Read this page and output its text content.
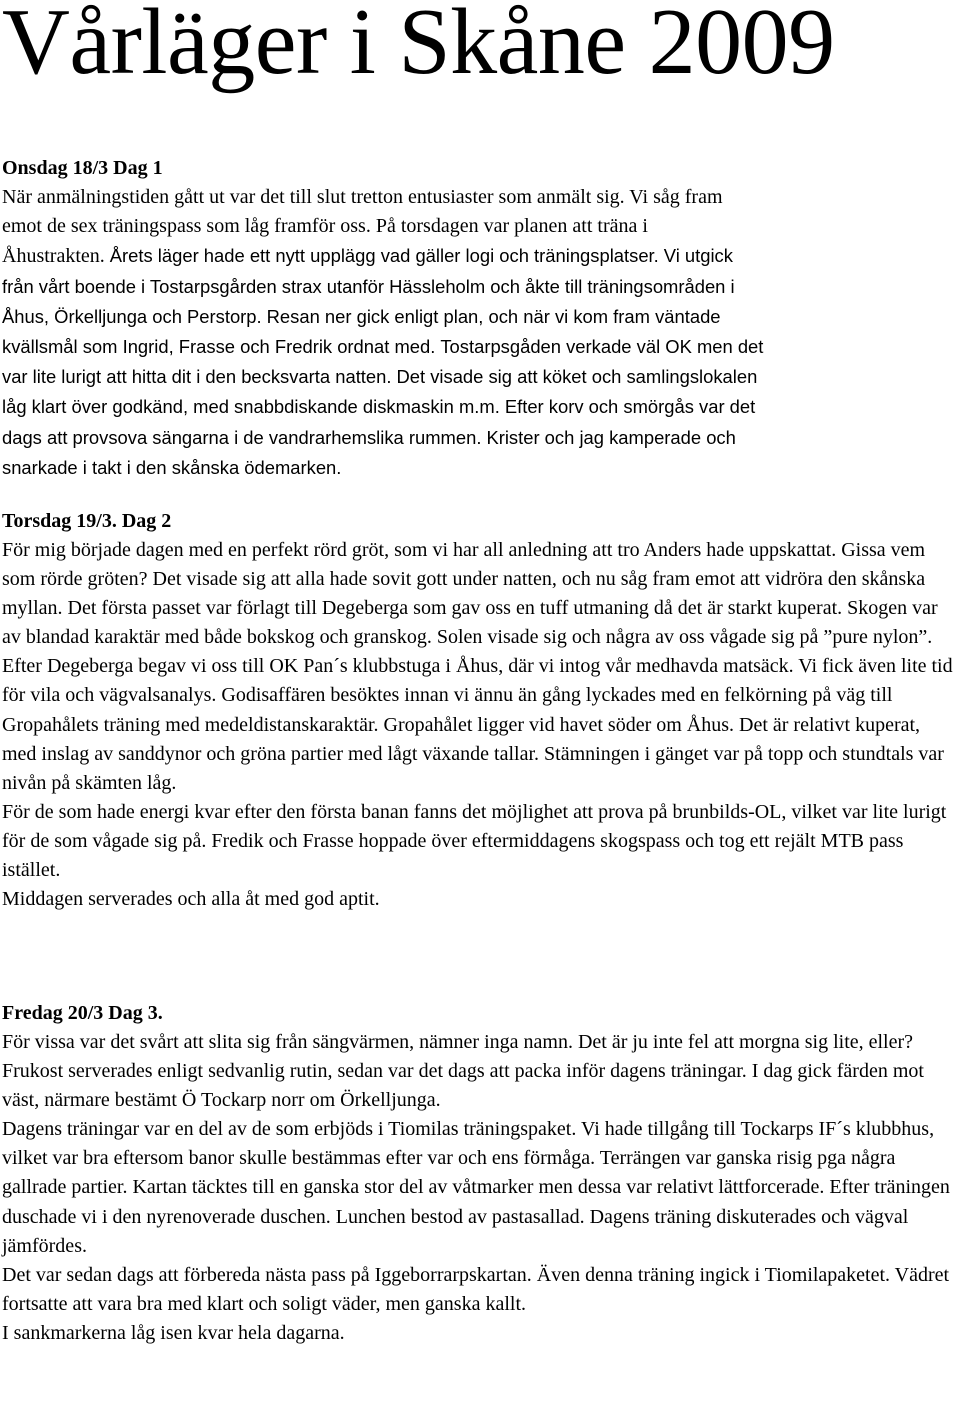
Vårläger i Skåne 2009
Onsdag 18/3 Dag 1
När anmälningstiden gått ut var det till slut tretton entusiaster som anmält sig. Vi såg fram
emot de sex träningspass som låg framför oss. På torsdagen var planen att träna i
Åhustrakten. Årets läger hade ett nytt upplägg vad gäller logi och träningsplatser. Vi utgick
från vårt boende i Tostarpsgården strax utanför Hässleholm och åkte till träningsområden i
Åhus, Örkelljunga och Perstorp. Resan ner gick enligt plan, och när vi kom fram väntade
kvällsmål som Ingrid, Frasse och Fredrik ordnat med. Tostarpsgåden verkade väl OK men det
var lite lurigt att hitta dit i den becksvarta natten. Det visade sig att köket och samlingslokalen
låg klart över godkänd, med snabbdiskande diskmaskin m.m. Efter korv och smörgås var det
dags att provsova sängarna i de vandrarhemslika rummen. Krister och jag kamperade och
snarkade i takt i den skånska ödemarken.
Torsdag 19/3. Dag 2

För mig började dagen med en perfekt rörd gröt, som vi har all anledning att tro Anders hade uppskattat. Gissa vem som rörde gröten? Det visade sig att alla hade sovit gott under natten, och nu såg fram emot att vidröra den skånska myllan. Det första passet var förlagt till Degeberga som gav oss en tuff utmaning då det är starkt kuperat. Skogen var av blandad karaktär med både bokskog och granskog. Solen visade sig och några av oss vågade sig på ”pure nylon”. Efter Degeberga begav vi oss till OK Pan´s klubbstuga i Åhus, där vi intog vår medhavda matsäck. Vi fick även lite tid för vila och vägvalsanalys. Godisaffären besöktes innan vi ännu än gång lyckades med en felkörning på väg till Gropahålets träning med medeldistanskaraktär. Gropahålet ligger vid havet söder om Åhus. Det är relativt kuperat, med inslag av sanddynor och gröna partier med lågt växande tallar. Stämningen i gänget var på topp och stundtals var nivån på skämten låg.

För de som hade energi kvar efter den första banan fanns det möjlighet att prova på brunbilds-OL, vilket var lite lurigt för de som vågade sig på. Fredik och Frasse hoppade över eftermiddagens skogspass och tog ett rejält MTB pass istället.

Middagen serverades och alla åt med god aptit.

Fredag 20/3 Dag 3.

För vissa var det svårt att slita sig från sängvärmen, nämner inga namn. Det är ju inte fel att morgna sig lite, eller? Frukost serverades enligt sedvanlig rutin, sedan var det dags att packa inför dagens träningar. I dag gick färden mot väst, närmare bestämt Ö Tockarp norr om Örkelljunga.

Dagens träningar var en del av de som erbjöds i Tiomilas träningspaket. Vi hade tillgång till Tockarps IF´s klubbhus, vilket var bra eftersom banor skulle bestämmas efter var och ens förmåga. Terrängen var ganska risig pga några gallrade partier. Kartan täcktes till en ganska stor del av våtmarker men dessa var relativt lättforcerade. Efter träningen duschade vi i den nyrenoverade duschen. Lunchen bestod av pastasallad. Dagens träning diskuterades och vägval jämfördes.

Det var sedan dags att förbereda nästa pass på Iggeborrarpskartan. Även denna träning ingick i Tiomilapaketet. Vädret fortsatte att vara bra med klart och soligt väder, men ganska kallt.

I sankmarkerna låg isen kvar hela dagarna.
